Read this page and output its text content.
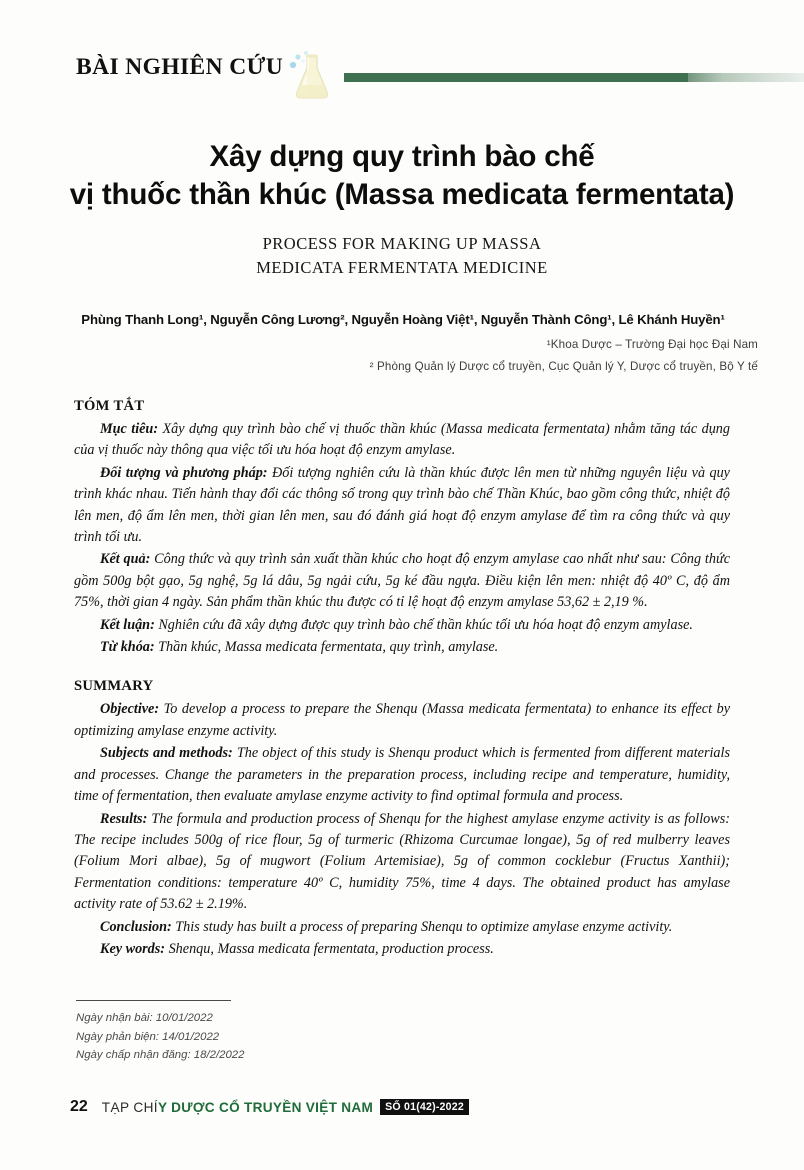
BÀI NGHIÊN CỨU
Xây dựng quy trình bào chế
vị thuốc thần khúc (Massa medicata fermentata)
PROCESS FOR MAKING UP MASSA
MEDICATA FERMENTATA MEDICINE
Phùng Thanh Long¹, Nguyễn Công Lương², Nguyễn Hoàng Việt¹, Nguyễn Thành Công¹, Lê Khánh Huyền¹
¹Khoa Dược – Trường Đại học Đại Nam
² Phòng Quản lý Dược cổ truyền, Cục Quản lý Y, Dược cổ truyền, Bộ Y tế
TÓM TẮT

Mục tiêu: Xây dựng quy trình bào chế vị thuốc thần khúc (Massa medicata fermentata) nhằm tăng tác dụng của vị thuốc này thông qua việc tối ưu hóa hoạt độ enzym amylase.

Đối tượng và phương pháp: Đối tượng nghiên cứu là thần khúc được lên men từ những nguyên liệu và quy trình khác nhau. Tiến hành thay đổi các thông số trong quy trình bào chế Thần Khúc, bao gồm công thức, nhiệt độ lên men, độ ẩm lên men, thời gian lên men, sau đó đánh giá hoạt độ enzym amylase để tìm ra công thức và quy trình tối ưu.

Kết quả: Công thức và quy trình sản xuất thần khúc cho hoạt độ enzym amylase cao nhất như sau: Công thức gồm 500g bột gạo, 5g nghệ, 5g lá dâu, 5g ngải cứu, 5g ké đầu ngựa. Điều kiện lên men: nhiệt độ 40º C, độ ẩm 75%, thời gian 4 ngày. Sản phẩm thần khúc thu được có tỉ lệ hoạt độ enzym amylase 53,62 ± 2,19 %.

Kết luận: Nghiên cứu đã xây dựng được quy trình bào chế thần khúc tối ưu hóa hoạt độ enzym amylase.

Từ khóa: Thần khúc, Massa medicata fermentata, quy trình, amylase.

SUMMARY

Objective: To develop a process to prepare the Shenqu (Massa medicata fermentata) to enhance its effect by optimizing amylase enzyme activity.

Subjects and methods: The object of this study is Shenqu product which is fermented from different materials and processes. Change the parameters in the preparation process, including recipe and temperature, humidity, time of fermentation, then evaluate amylase enzyme activity to find optimal formula and process.

Results: The formula and production process of Shenqu for the highest amylase enzyme activity is as follows: The recipe includes 500g of rice flour, 5g of turmeric (Rhizoma Curcumae longae), 5g of red mulberry leaves (Folium Mori albae), 5g of mugwort (Folium Artemisiae), 5g of common cocklebur (Fructus Xanthii); Fermentation conditions: temperature 40º C, humidity 75%, time 4 days. The obtained product has amylase activity rate of 53.62 ± 2.19%.

Conclusion: This study has built a process of preparing Shenqu to optimize amylase enzyme activity.

Key words: Shenqu, Massa medicata fermentata, production process.

Ngày nhận bài: 10/01/2022
Ngày phản biện: 14/01/2022
Ngày chấp nhận đăng: 18/2/2022
22 TẠP CHÍY DƯỢC CỔ TRUYỀN VIỆT NAM	SỐ 01(42)-2022
